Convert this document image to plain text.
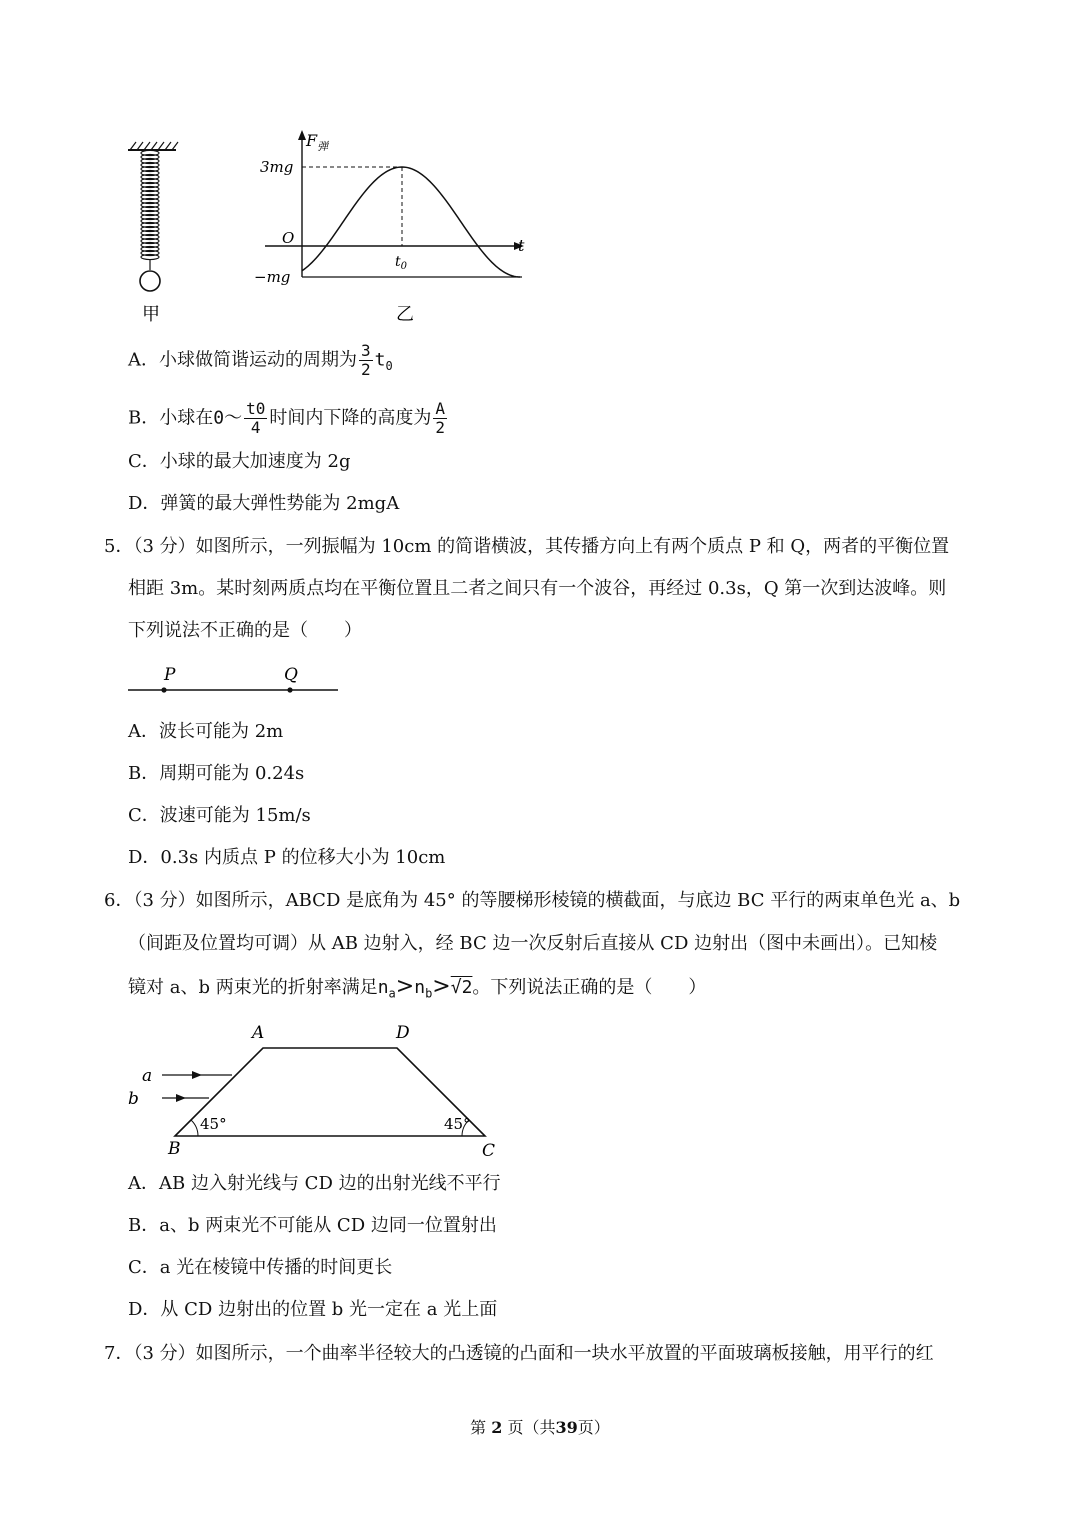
甲
$F_弹$
t
O
3mg
−mg
$t_0$
乙
A．小球做简谐运动的周期为 $\frac{3}{2} t_0$
B．小球在0～ $\frac{t0}{4}$ 时间内下降的高度为 $\frac{A}{2}$
C．小球的最大加速度为 2g
D．弹簧的最大弹性势能为 2mgA
5．（3 分）如图所示，一列振幅为 10cm 的简谐横波，其传播方向上有两个质点 P 和 Q，两者的平衡位置
相距 3m。某时刻两质点均在平衡位置且二者之间只有一个波谷，再经过 0.3s，Q 第一次到达波峰。则
下列说法不正确的是（　　）
P	Q
A．波长可能为 2m
B．周期可能为 0.24s
C．波速可能为 15m/s
D．0.3s 内质点 P 的位移大小为 10cm
6．（3 分）如图所示，ABCD 是底角为 45° 的等腰梯形棱镜的横截面，与底边 BC 平行的两束单色光 a、b
（间距及位置均可调）从 AB 边射入，经 BC 边一次反射后直接从 CD 边射出（图中未画出）。已知棱
镜对 a、b 两束光的折射率满足$n_a>n_b>√2$。下列说法正确的是（　　）
A	D
B	C
a
b
45°	45°
A．AB 边入射光线与 CD 边的出射光线不平行
B．a、b 两束光不可能从 CD 边同一位置射出
C．a 光在棱镜中传播的时间更长
D．从 CD 边射出的位置 b 光一定在 a 光上面
7．（3 分）如图所示，一个曲率半径较大的凸透镜的凸面和一块水平放置的平面玻璃板接触，用平行的红
第 2 页（共39页）
